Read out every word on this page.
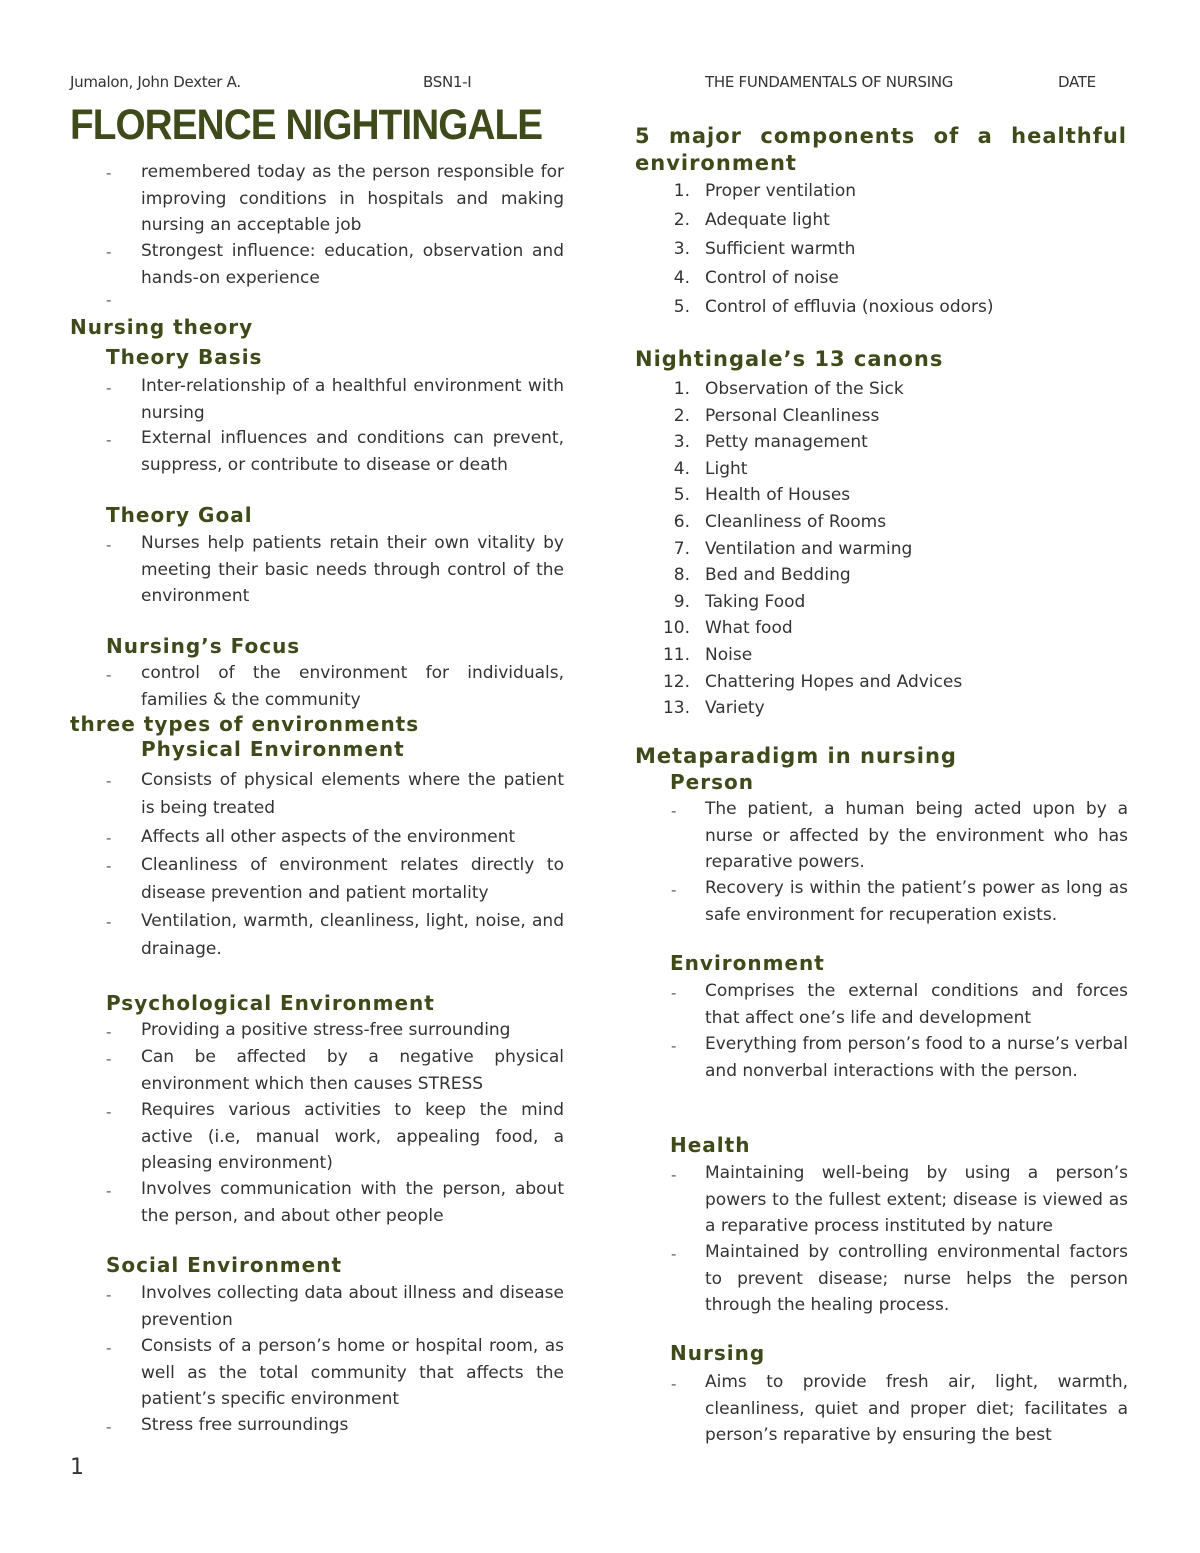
Jumalon, John Dexter A.	BSN1-I	THE FUNDAMENTALS OF NURSING	DATE
FLORENCE NIGHTINGALE
- remembered today as the person responsible for improving conditions in hospitals and making nursing an acceptable job
- Strongest influence: education, observation and hands-on experience
-
Nursing theory
Theory Basis
- Inter-relationship of a healthful environment with nursing
- External influences and conditions can prevent, suppress, or contribute to disease or death
Theory Goal
- Nurses help patients retain their own vitality by meeting their basic needs through control of the environment
Nursing’s Focus
- control of the environment for individuals, families & the community
three types of environments
Physical Environment
- Consists of physical elements where the patient is being treated
- Affects all other aspects of the environment
- Cleanliness of environment relates directly to disease prevention and patient mortality
- Ventilation, warmth, cleanliness, light, noise, and drainage.
Psychological Environment
- Providing a positive stress-free surrounding
- Can be affected by a negative physical environment which then causes STRESS
- Requires various activities to keep the mind active (i.e, manual work, appealing food, a pleasing environment)
- Involves communication with the person, about the person, and about other people
Social Environment
- Involves collecting data about illness and disease prevention
- Consists of a person’s home or hospital room, as well as the total community that affects the patient’s specific environment
- Stress free surroundings
5 major components of a healthful environment
1. Proper ventilation
2. Adequate light
3. Sufficient warmth
4. Control of noise
5. Control of effluvia (noxious odors)
Nightingale’s 13 canons
1. Observation of the Sick
2. Personal Cleanliness
3. Petty management
4. Light
5. Health of Houses
6. Cleanliness of Rooms
7. Ventilation and warming
8. Bed and Bedding
9. Taking Food
10. What food
11. Noise
12. Chattering Hopes and Advices
13. Variety
Metaparadigm in nursing
Person
- The patient, a human being acted upon by a nurse or affected by the environment who has reparative powers.
- Recovery is within the patient’s power as long as safe environment for recuperation exists.
Environment
- Comprises the external conditions and forces that affect one’s life and development
- Everything from person’s food to a nurse’s verbal and nonverbal interactions with the person.
Health
- Maintaining well-being by using a person’s powers to the fullest extent; disease is viewed as a reparative process instituted by nature
- Maintained by controlling environmental factors to prevent disease; nurse helps the person through the healing process.
Nursing
- Aims to provide fresh air, light, warmth, cleanliness, quiet and proper diet; facilitates a person’s reparative by ensuring the best
1
